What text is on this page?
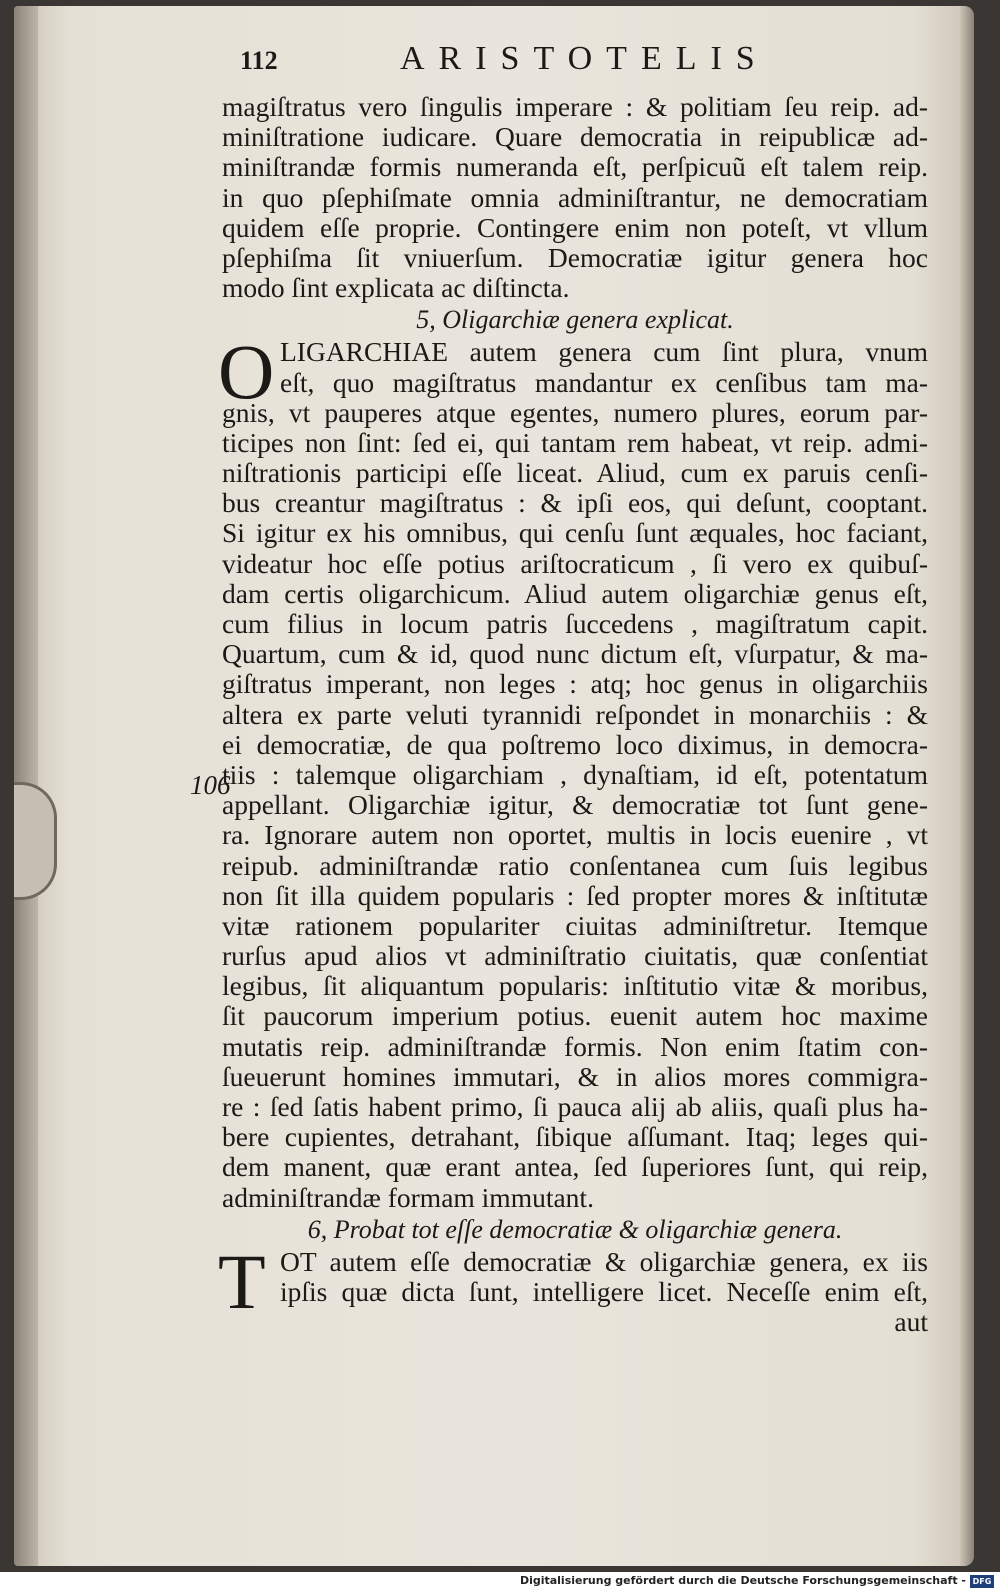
106
112	ARISTOTELIS

magiſtratus vero ſingulis imperare : & politiam ſeu reip. ad-

miniſtratione iudicare. Quare democratia in reipublicæ ad-

miniſtrandæ formis numeranda eſt, perſpicuũ eſt talem reip.

in quo pſephiſmate omnia adminiſtrantur, ne democratiam

quidem eſſe proprie. Contingere enim non poteſt, vt vllum

pſephiſma ſit vniuerſum. Democratiæ igitur genera hoc

modo ſint explicata ac diſtincta.

5, Oligarchiæ genera explicat.
O LIGARCHIAE autem genera cum ſint plura, vnum

eſt, quo magiſtratus mandantur ex cenſibus tam ma-

gnis, vt pauperes atque egentes, numero plures, eorum par-

ticipes non ſint: ſed ei, qui tantam rem habeat, vt reip. admi-

niſtrationis participi eſſe liceat. Aliud, cum ex paruis cenſi-

bus creantur magiſtratus : & ipſi eos, qui deſunt, cooptant.

Si igitur ex his omnibus, qui cenſu ſunt æquales, hoc faciant,

videatur hoc eſſe potius ariſtocraticum , ſi vero ex quibuſ-

dam certis oligarchicum. Aliud autem oligarchiæ genus eſt,

cum filius in locum patris ſuccedens , magiſtratum capit.

Quartum, cum & id, quod nunc dictum eſt, vſurpatur, & ma-

giſtratus imperant, non leges : atq; hoc genus in oligarchiis

altera ex parte veluti tyrannidi reſpondet in monarchiis : &

ei democratiæ, de qua poſtremo loco diximus, in democra-

tiis : talemque oligarchiam , dynaſtiam, id eſt, potentatum

appellant. Oligarchiæ igitur, & democratiæ tot ſunt gene-

ra. Ignorare autem non oportet, multis in locis euenire , vt

reipub. adminiſtrandæ ratio conſentanea cum ſuis legibus

non ſit illa quidem popularis : ſed propter mores & inſtitutæ

vitæ rationem populariter ciuitas adminiſtretur. Itemque

rurſus apud alios vt adminiſtratio ciuitatis, quæ conſentiat

legibus, ſit aliquantum popularis: inſtitutio vitæ & moribus,

ſit paucorum imperium potius. euenit autem hoc maxime

mutatis reip. adminiſtrandæ formis. Non enim ſtatim con-

ſueuerunt homines immutari, & in alios mores commigra-

re : ſed ſatis habent primo, ſi pauca alij ab aliis, quaſi plus ha-

bere cupientes, detrahant, ſibique aſſumant. Itaq; leges qui-

dem manent, quæ erant antea, ſed ſuperiores ſunt, qui reip,

adminiſtrandæ formam immutant.

6, Probat tot eſſe democratiæ & oligarchiæ genera.
T OT autem eſſe democratiæ & oligarchiæ genera, ex iis

ipſis quæ dicta ſunt, intelligere licet. Neceſſe enim eſt,

aut
Digitalisierung gefördert durch die Deutsche Forschungsgemeinschaft - DFG
